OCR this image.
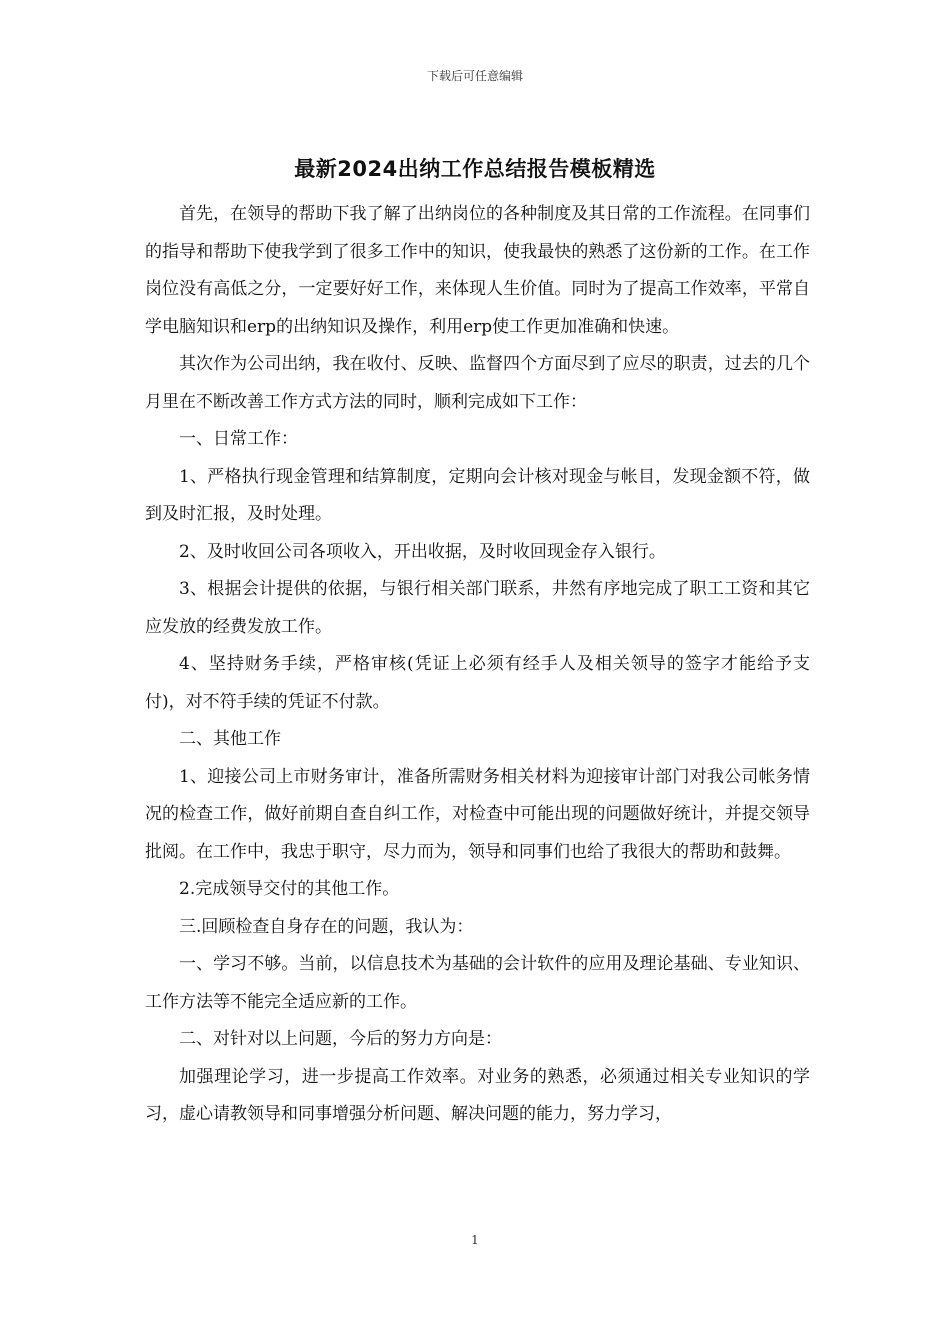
下载后可任意编辑
最新2024出纳工作总结报告模板精选

首先，在领导的帮助下我了解了出纳岗位的各种制度及其日常的工作流程。在同事们的指导和帮助下使我学到了很多工作中的知识，使我最快的熟悉了这份新的工作。在工作岗位没有高低之分，一定要好好工作，来体现人生价值。同时为了提高工作效率，平常自学电脑知识和erp的出纳知识及操作，利用erp使工作更加准确和快速。

其次作为公司出纳，我在收付、反映、监督四个方面尽到了应尽的职责，过去的几个月里在不断改善工作方式方法的同时，顺利完成如下工作：

一、日常工作：

1、严格执行现金管理和结算制度，定期向会计核对现金与帐目，发现金额不符，做到及时汇报，及时处理。

2、及时收回公司各项收入，开出收据，及时收回现金存入银行。

3、根据会计提供的依据，与银行相关部门联系，井然有序地完成了职工工资和其它应发放的经费发放工作。

4、坚持财务手续，严格审核(凭证上必须有经手人及相关领导的签字才能给予支付)，对不符手续的凭证不付款。

二、其他工作

1、迎接公司上市财务审计，准备所需财务相关材料为迎接审计部门对我公司帐务情况的检查工作，做好前期自查自纠工作，对检查中可能出现的问题做好统计，并提交领导批阅。在工作中，我忠于职守，尽力而为，领导和同事们也给了我很大的帮助和鼓舞。

2.完成领导交付的其他工作。

三.回顾检查自身存在的问题，我认为：

一、学习不够。当前，以信息技术为基础的会计软件的应用及理论基础、专业知识、工作方法等不能完全适应新的工作。

二、对针对以上问题，今后的努力方向是：

加强理论学习，进一步提高工作效率。对业务的熟悉，必须通过相关专业知识的学习，虚心请教领导和同事增强分析问题、解决问题的能力，努力学习，

1
